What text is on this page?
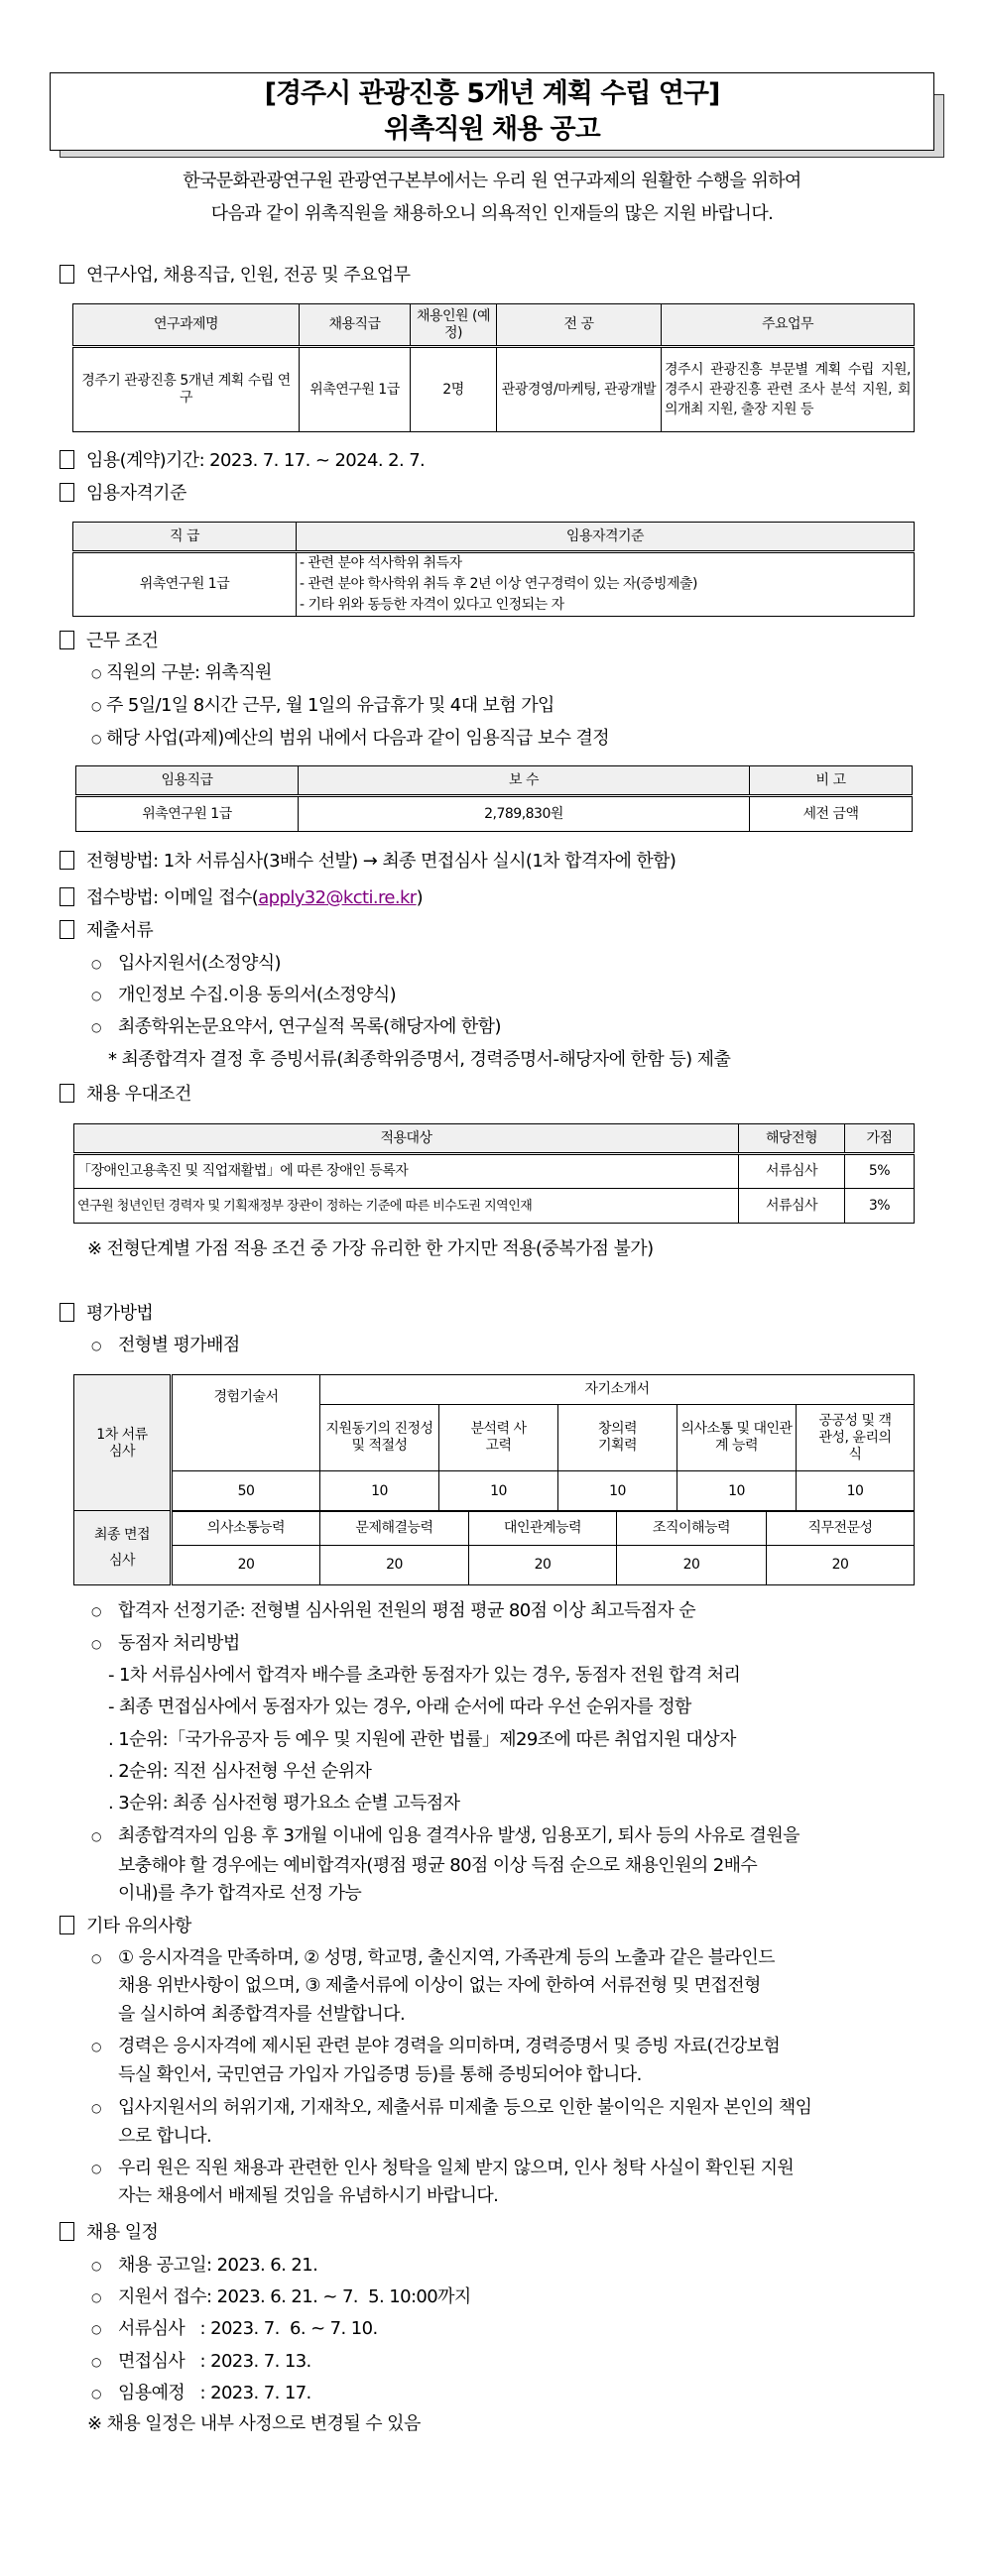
[경주시 관광진흥 5개년 계획 수립 연구]
위촉직원 채용 공고
한국문화관광연구원 관광연구본부에서는 우리 원 연구과제의 원활한 수행을 위하여
다음과 같이 위촉직원을 채용하오니 의욕적인 인재들의 많은 지원 바랍니다.
연구사업, 채용직급, 인원, 전공 및 주요업무
연구과제명	채용직급	채용인원 (예정)	전 공	주요업무
경주기 관광진흥 5개년 계획 수립 연구	위촉연구원 1급	2명	관광경영/마케팅, 관광개발	경주시 관광진흥 부문별 계획 수립 지원, 경주시 관광진흥 관련 조사 분석 지원, 회의개최 지원, 출장 지원 등
임용(계약)기간: 2023. 7. 17. ~ 2024. 2. 7.
임용자격기준
직 급	임용자격기준
위촉연구원 1급	- 관련 분야 석사학위 취득자
- 관련 분야 학사학위 취득 후 2년 이상 연구경력이 있는 자(증빙제출)
- 기타 위와 동등한 자격이 있다고 인정되는 자
근무 조건
○ 직원의 구분: 위촉직원
○ 주 5일/1일 8시간 근무, 월 1일의 유급휴가 및 4대 보험 가입
○ 해당 사업(과제)예산의 범위 내에서 다음과 같이 임용직급 보수 결정
임용직급	보 수	비 고
위촉연구원 1급	2,789,830원	세전 금액
전형방법: 1차 서류심사(3배수 선발) → 최종 면접심사 실시(1차 합격자에 한함)
접수방법: 이메일 접수(apply32@kcti.re.kr)
제출서류
○ 입사지원서(소정양식)
○ 개인정보 수집.이용 동의서(소정양식)
○ 최종학위논문요약서, 연구실적 목록(해당자에 한함)
* 최종합격자 결정 후 증빙서류(최종학위증명서, 경력증명서-해당자에 한함 등) 제출
채용 우대조건
적용대상	해당전형	가점
「장애인고용촉진 및 직업재활법」에 따른 장애인 등록자	서류심사	5%
연구원 청년인턴 경력자 및 기획재정부 장관이 정하는 기준에 따른 비수도권 지역인재	서류심사	3%
※ 전형단계별 가점 적용 조건 중 가장 유리한 한 가지만 적용(중복가점 불가)
평가방법
○ 전형별 평가배점
1차 서류심사	경험기술서	자기소개서				
		지원동기의 진정성 및 적절성	분석력 사고력	창의력 기획력	의사소통 및 대인관계 능력	공공성 및 객관성, 윤리의식
	50	10	10	10	10	10
최종 면접심사	의사소통능력	문제해결능력	대인관계능력	조직이해능력	직무전문성
	20	20	20	20	20
○ 합격자 선정기준: 전형별 심사위원 전원의 평점 평균 80점 이상 최고득점자 순
○ 동점자 처리방법
- 1차 서류심사에서 합격자 배수를 초과한 동점자가 있는 경우, 동점자 전원 합격 처리
- 최종 면접심사에서 동점자가 있는 경우, 아래 순서에 따라 우선 순위자를 정함
. 1순위:「국가유공자 등 예우 및 지원에 관한 법률」제29조에 따른 취업지원 대상자
. 2순위: 직전 심사전형 우선 순위자
. 3순위: 최종 심사전형 평가요소 순별 고득점자
○ 최종합격자의 임용 후 3개월 이내에 임용 결격사유 발생, 임용포기, 퇴사 등의 사유로 결원을
보충해야 할 경우에는 예비합격자(평점 평균 80점 이상 득점 순으로 채용인원의 2배수
이내)를 추가 합격자로 선정 가능
기타 유의사항
○ ① 응시자격을 만족하며, ② 성명, 학교명, 출신지역, 가족관계 등의 노출과 같은 블라인드
채용 위반사항이 없으며, ③ 제출서류에 이상이 없는 자에 한하여 서류전형 및 면접전형
을 실시하여 최종합격자를 선발합니다.
○ 경력은 응시자격에 제시된 관련 분야 경력을 의미하며, 경력증명서 및 증빙 자료(건강보험
득실 확인서, 국민연금 가입자 가입증명 등)를 통해 증빙되어야 합니다.
○ 입사지원서의 허위기재, 기재착오, 제출서류 미제출 등으로 인한 불이익은 지원자 본인의 책임
으로 합니다.
○ 우리 원은 직원 채용과 관련한 인사 청탁을 일체 받지 않으며, 인사 청탁 사실이 확인된 지원
자는 채용에서 배제될 것임을 유념하시기 바랍니다.
채용 일정
○ 채용 공고일: 2023. 6. 21.
○ 지원서 접수: 2023. 6. 21. ~ 7.  5. 10:00까지
○ 서류심사   : 2023. 7.  6. ~ 7. 10.
○ 면접심사   : 2023. 7. 13.
○ 임용예정   : 2023. 7. 17.
※ 채용 일정은 내부 사정으로 변경될 수 있음
